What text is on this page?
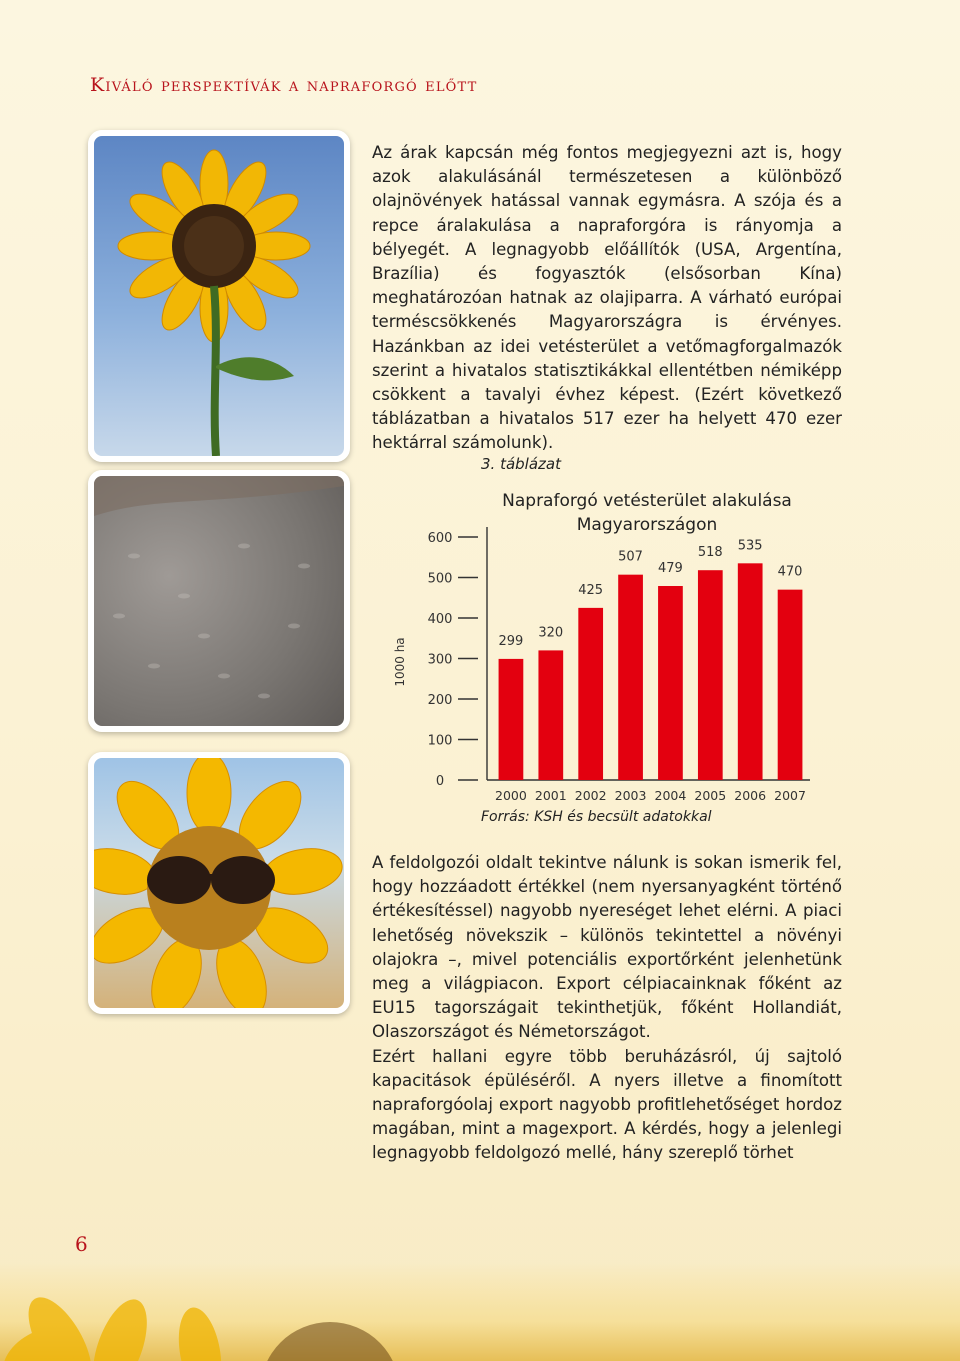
Kiváló perspektívák a napraforgó előtt

Az árak kapcsán még fontos megjegyezni azt is, hogy azok alakulásánál természetesen a különböző olajnövények hatással vannak egymásra. A szója és a repce áralakulása a napraforgóra is rányomja a bélyegét. A legnagyobb előállítók (USA, Argentína, Brazília) és fogyasztók (elsősorban Kína) meghatározóan hatnak az olajiparra. A várható európai terméscsökkenés Magyarországra is érvényes. Hazánkban az idei vetésterület a vetőmagforgalmazók szerint a hivatalos statisztikákkal ellentétben némiképp csökkent a tavalyi évhez képest. (Ezért következő táblázatban a hivatalos 517 ezer ha helyett 470 ezer hektárral számolunk).

3. táblázat
Napraforgó vetésterület alakulása
Magyarországon
0
100
200
300
400
500
600
1000 ha	299
2000
320
2001
425
2002
507
2003
479
2004
518
2005
535
2006
470
2007
Forrás: KSH és becsült adatokkal

A feldolgozói oldalt tekintve nálunk is sokan ismerik fel, hogy hozzáadott értékkel (nem nyersanyagként történő értékesítéssel) nagyobb nyereséget lehet elérni. A piaci lehetőség növekszik – különös tekintettel a növényi olajokra –, mivel potenciális exportőrként jelenhetünk meg a világpiacon. Export célpiacainknak főként az EU15 tagországait tekinthetjük, főként Hollandiát, Olaszországot és Németországot.

Ezért hallani egyre több beruházásról, új sajtoló kapacitások épüléséről. A nyers illetve a finomított napraforgóolaj export nagyobb profitlehetőséget hordoz magában, mint a magexport. A kérdés, hogy a jelenlegi legnagyobb feldolgozó mellé, hány szereplő törhet

6
